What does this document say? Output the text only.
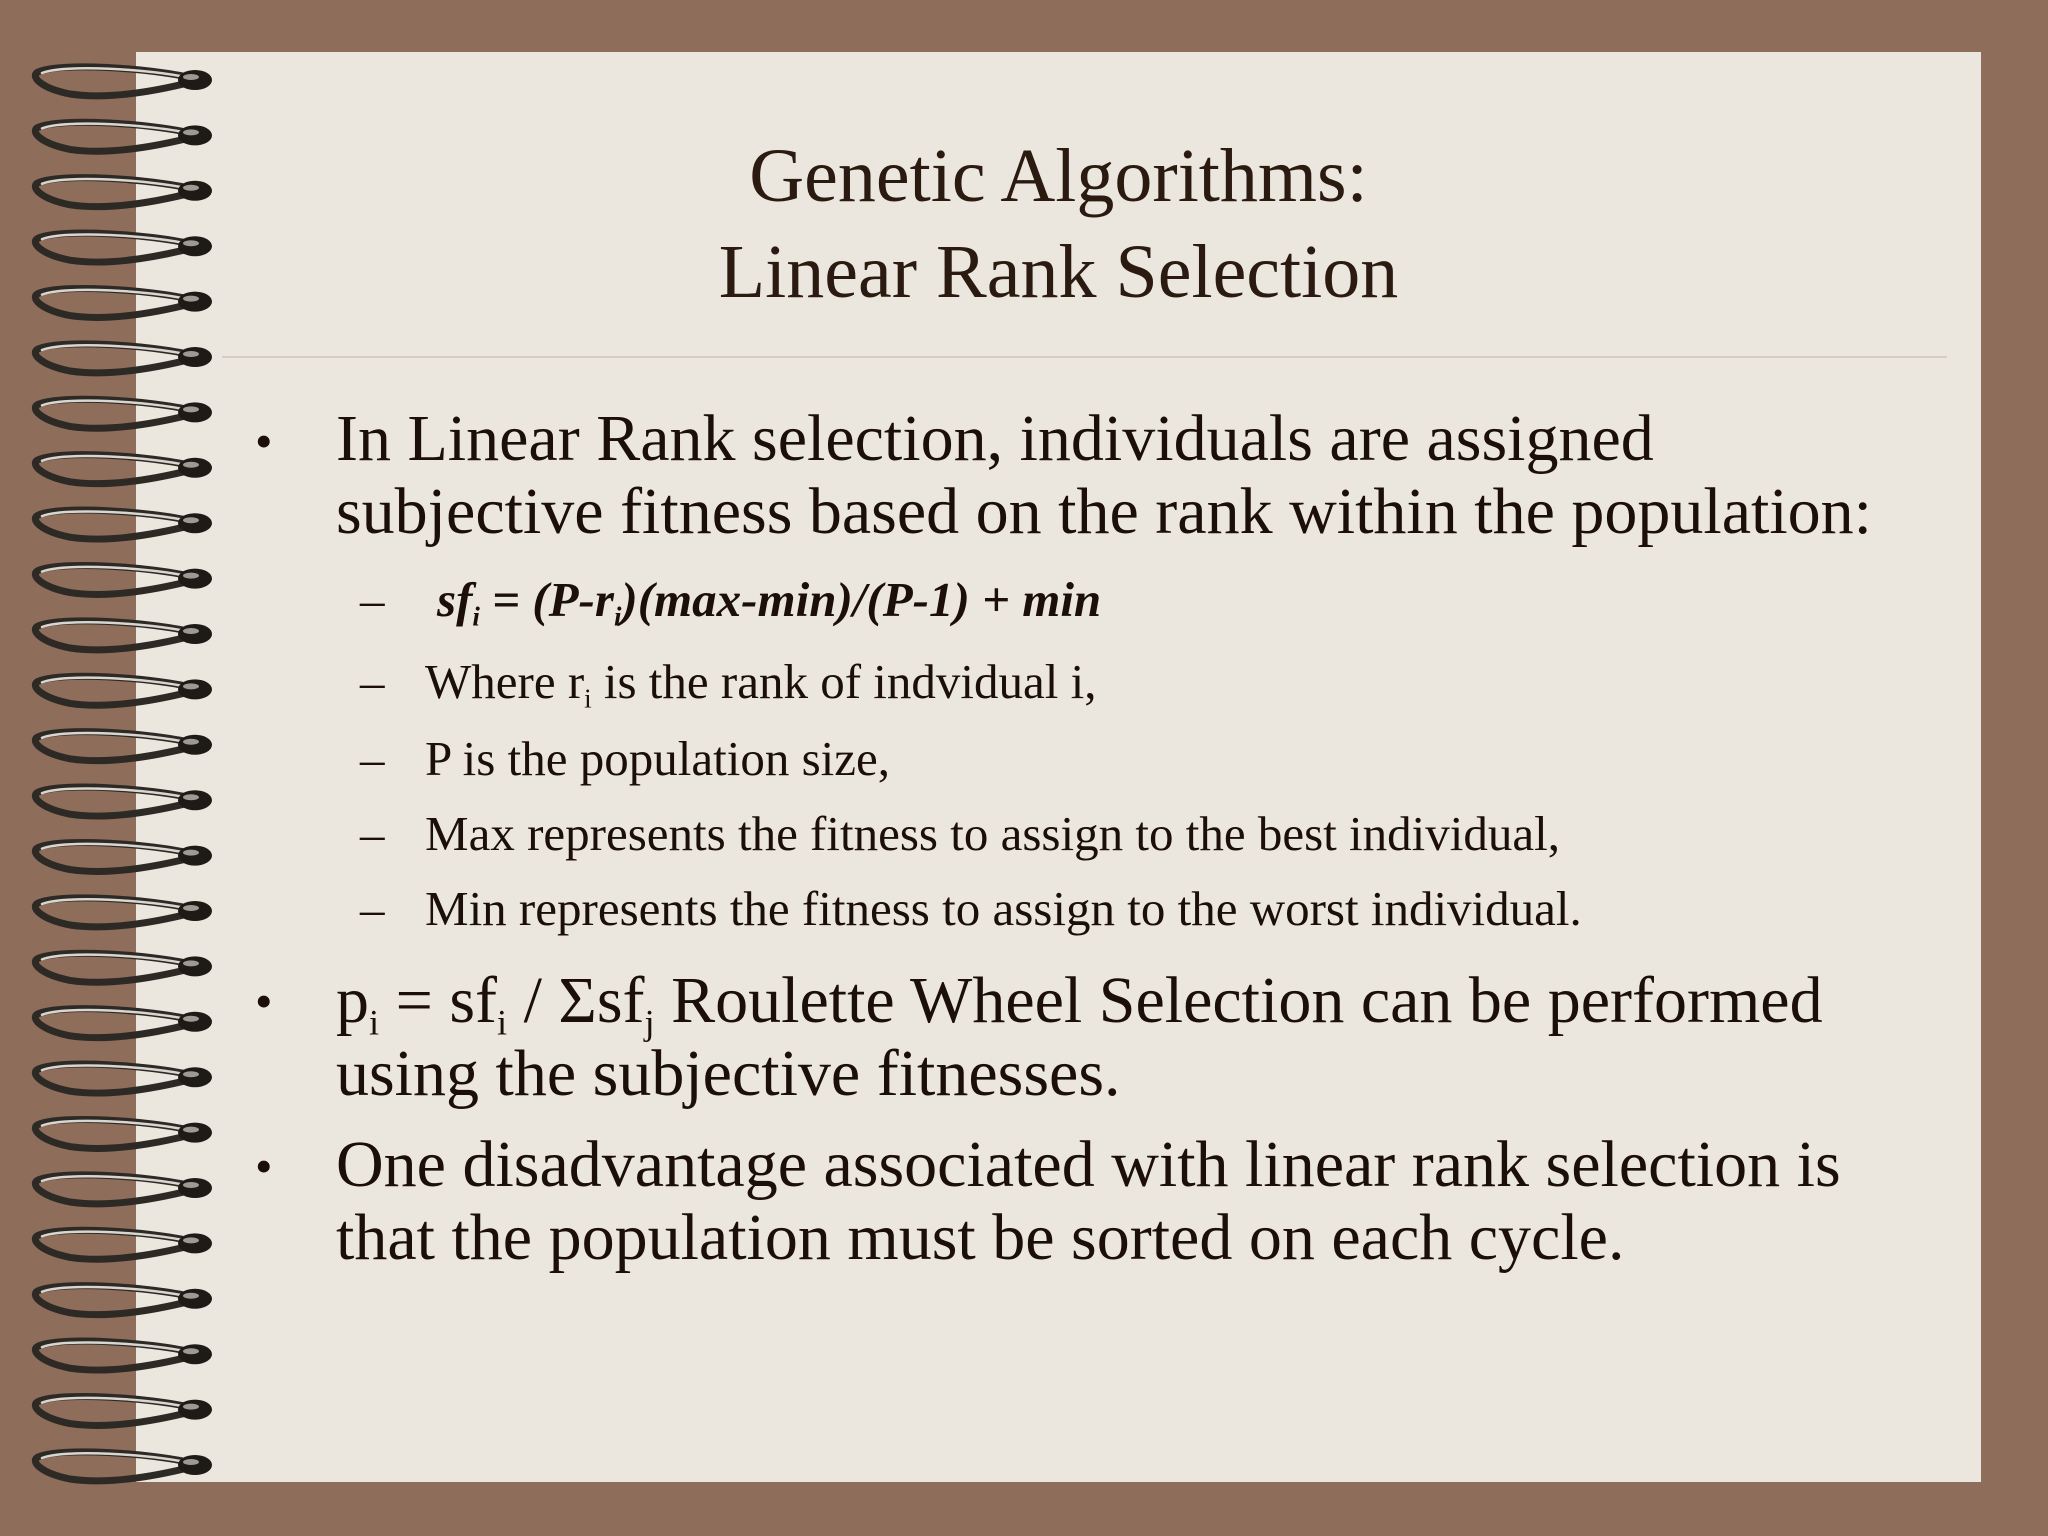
Genetic Algorithms:
Linear Rank Selection
• In Linear Rank selection, individuals are assigned
subjective fitness based on the rank within the population:
– $sf_i = (P-r_i)(\max-\min)/(P-1) + \min$
– Where $r_i$ is the rank of indvidual i,
– P is the population size,
– Max represents the fitness to assign to the best individual,
– Min represents the fitness to assign to the worst individual.
• $p_i = sf_i / \Sigma sf_j$ Roulette Wheel Selection can be performed
using the subjective fitnesses.
• One disadvantage associated with linear rank selection is
that the population must be sorted on each cycle.
